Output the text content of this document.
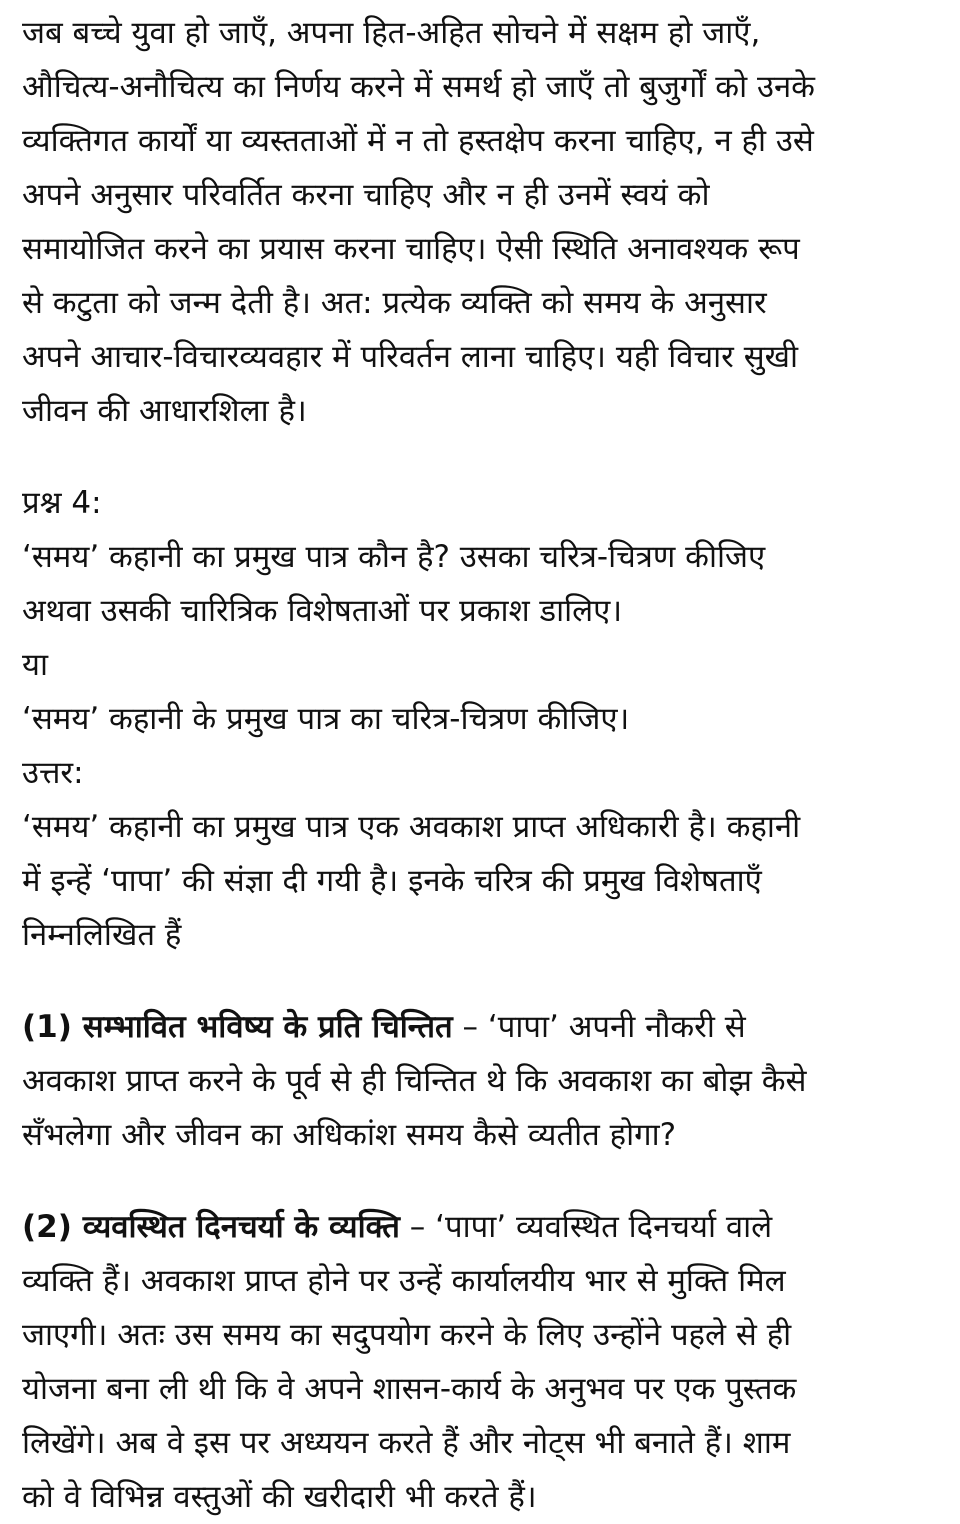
जब बच्चे युवा हो जाएँ, अपना हित-अहित सोचने में सक्षम हो जाएँ,
औचित्य-अनौचित्य का निर्णय करने में समर्थ हो जाएँ तो बुजुर्गों को उनके
व्यक्तिगत कार्यों या व्यस्तताओं में न तो हस्तक्षेप करना चाहिए, न ही उसे
अपने अनुसार परिवर्तित करना चाहिए और न ही उनमें स्वयं को
समायोजित करने का प्रयास करना चाहिए। ऐसी स्थिति अनावश्यक रूप
से कटुता को जन्म देती है। अत: प्रत्येक व्यक्ति को समय के अनुसार
अपने आचार-विचारव्यवहार में परिवर्तन लाना चाहिए। यही विचार सुखी
जीवन की आधारशिला है।
प्रश्न 4:
‘समय’ कहानी का प्रमुख पात्र कौन है? उसका चरित्र-चित्रण कीजिए
अथवा उसकी चारित्रिक विशेषताओं पर प्रकाश डालिए।
या
‘समय’ कहानी के प्रमुख पात्र का चरित्र-चित्रण कीजिए।
उत्तर:
‘समय’ कहानी का प्रमुख पात्र एक अवकाश प्राप्त अधिकारी है। कहानी
में इन्हें ‘पापा’ की संज्ञा दी गयी है। इनके चरित्र की प्रमुख विशेषताएँ
निम्नलिखित हैं
(1) सम्भावित भविष्य के प्रति चिन्तित – ‘पापा’ अपनी नौकरी से
अवकाश प्राप्त करने के पूर्व से ही चिन्तित थे कि अवकाश का बोझ कैसे
सँभलेगा और जीवन का अधिकांश समय कैसे व्यतीत होगा?
(2) व्यवस्थित दिनचर्या के व्यक्ति – ‘पापा’ व्यवस्थित दिनचर्या वाले
व्यक्ति हैं। अवकाश प्राप्त होने पर उन्हें कार्यालयीय भार से मुक्ति मिल
जाएगी। अतः उस समय का सदुपयोग करने के लिए उन्होंने पहले से ही
योजना बना ली थी कि वे अपने शासन-कार्य के अनुभव पर एक पुस्तक
लिखेंगे। अब वे इस पर अध्ययन करते हैं और नोट्स भी बनाते हैं। शाम
को वे विभिन्न वस्तुओं की खरीदारी भी करते हैं।
